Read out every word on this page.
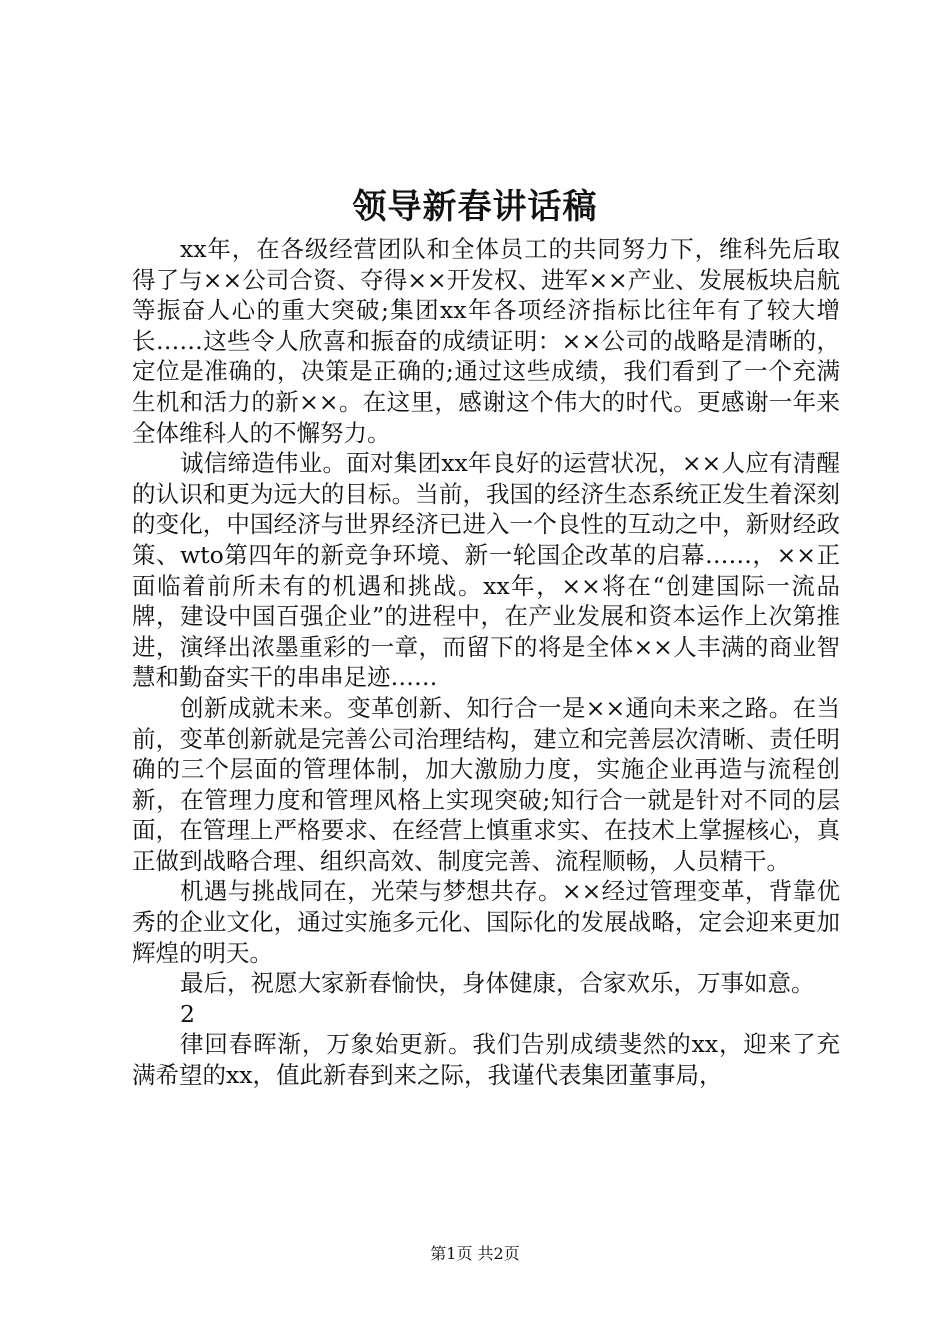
领导新春讲话稿

xx年，在各级经营团队和全体员工的共同努力下，维科先后取得了与××公司合资、夺得××开发权、进军××产业、发展板块启航等振奋人心的重大突破;集团xx年各项经济指标比往年有了较大增长……这些令人欣喜和振奋的成绩证明：××公司的战略是清晰的，定位是准确的，决策是正确的;通过这些成绩，我们看到了一个充满生机和活力的新××。在这里，感谢这个伟大的时代。更感谢一年来全体维科人的不懈努力。

诚信缔造伟业。面对集团xx年良好的运营状况，××人应有清醒的认识和更为远大的目标。当前，我国的经济生态系统正发生着深刻的变化，中国经济与世界经济已进入一个良性的互动之中，新财经政策、wto第四年的新竞争环境、新一轮国企改革的启幕……，××正面临着前所未有的机遇和挑战。xx年，××将在“创建国际一流品牌，建设中国百强企业”的进程中，在产业发展和资本运作上次第推进，演绎出浓墨重彩的一章，而留下的将是全体××人丰满的商业智慧和勤奋实干的串串足迹……

创新成就未来。变革创新、知行合一是××通向未来之路。在当前，变革创新就是完善公司治理结构，建立和完善层次清晰、责任明确的三个层面的管理体制，加大激励力度，实施企业再造与流程创新，在管理力度和管理风格上实现突破;知行合一就是针对不同的层面，在管理上严格要求、在经营上慎重求实、在技术上掌握核心，真正做到战略合理、组织高效、制度完善、流程顺畅，人员精干。

机遇与挑战同在，光荣与梦想共存。××经过管理变革，背靠优秀的企业文化，通过实施多元化、国际化的发展战略，定会迎来更加辉煌的明天。

最后，祝愿大家新春愉快，身体健康，合家欢乐，万事如意。

2

律回春晖渐，万象始更新。我们告别成绩斐然的xx，迎来了充满希望的xx，值此新春到来之际，我谨代表集团董事局，

第1页 共2页
